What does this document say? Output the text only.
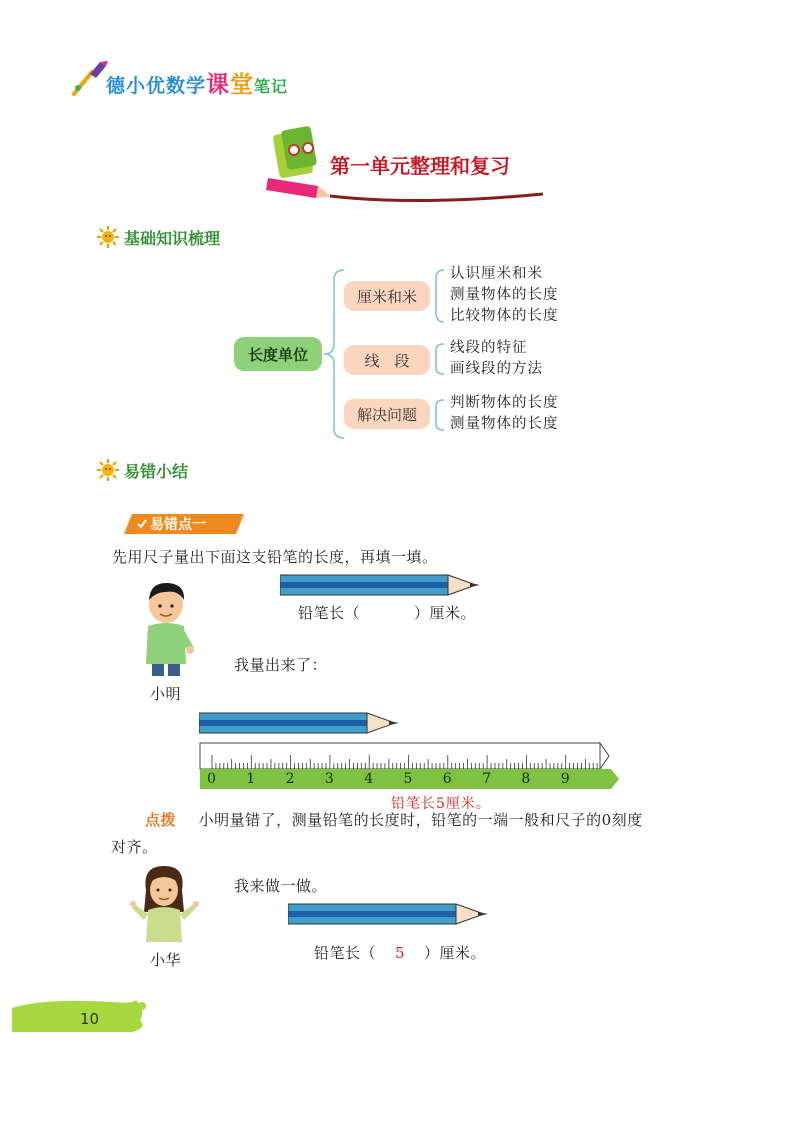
德小优数学课堂笔记
第一单元整理和复习
基础知识梳理
长度单位
厘米和米
线　段
解决问题
认识厘米和米
测量物体的长度
比较物体的长度
线段的特征
画线段的方法
判断物体的长度
测量物体的长度
易错小结
易错点一
先用尺子量出下面这支铅笔的长度，再填一填。
铅笔长（	）厘米。
小明
我量出来了：
0 1 2 3 4 5 6 7 8 9
铅笔长5厘米。
点拨 小明量错了，测量铅笔的长度时，铅笔的一端一般和尺子的0刻度
对齐。
小华
我来做一做。
铅笔长（ 5 ）厘米。
10
